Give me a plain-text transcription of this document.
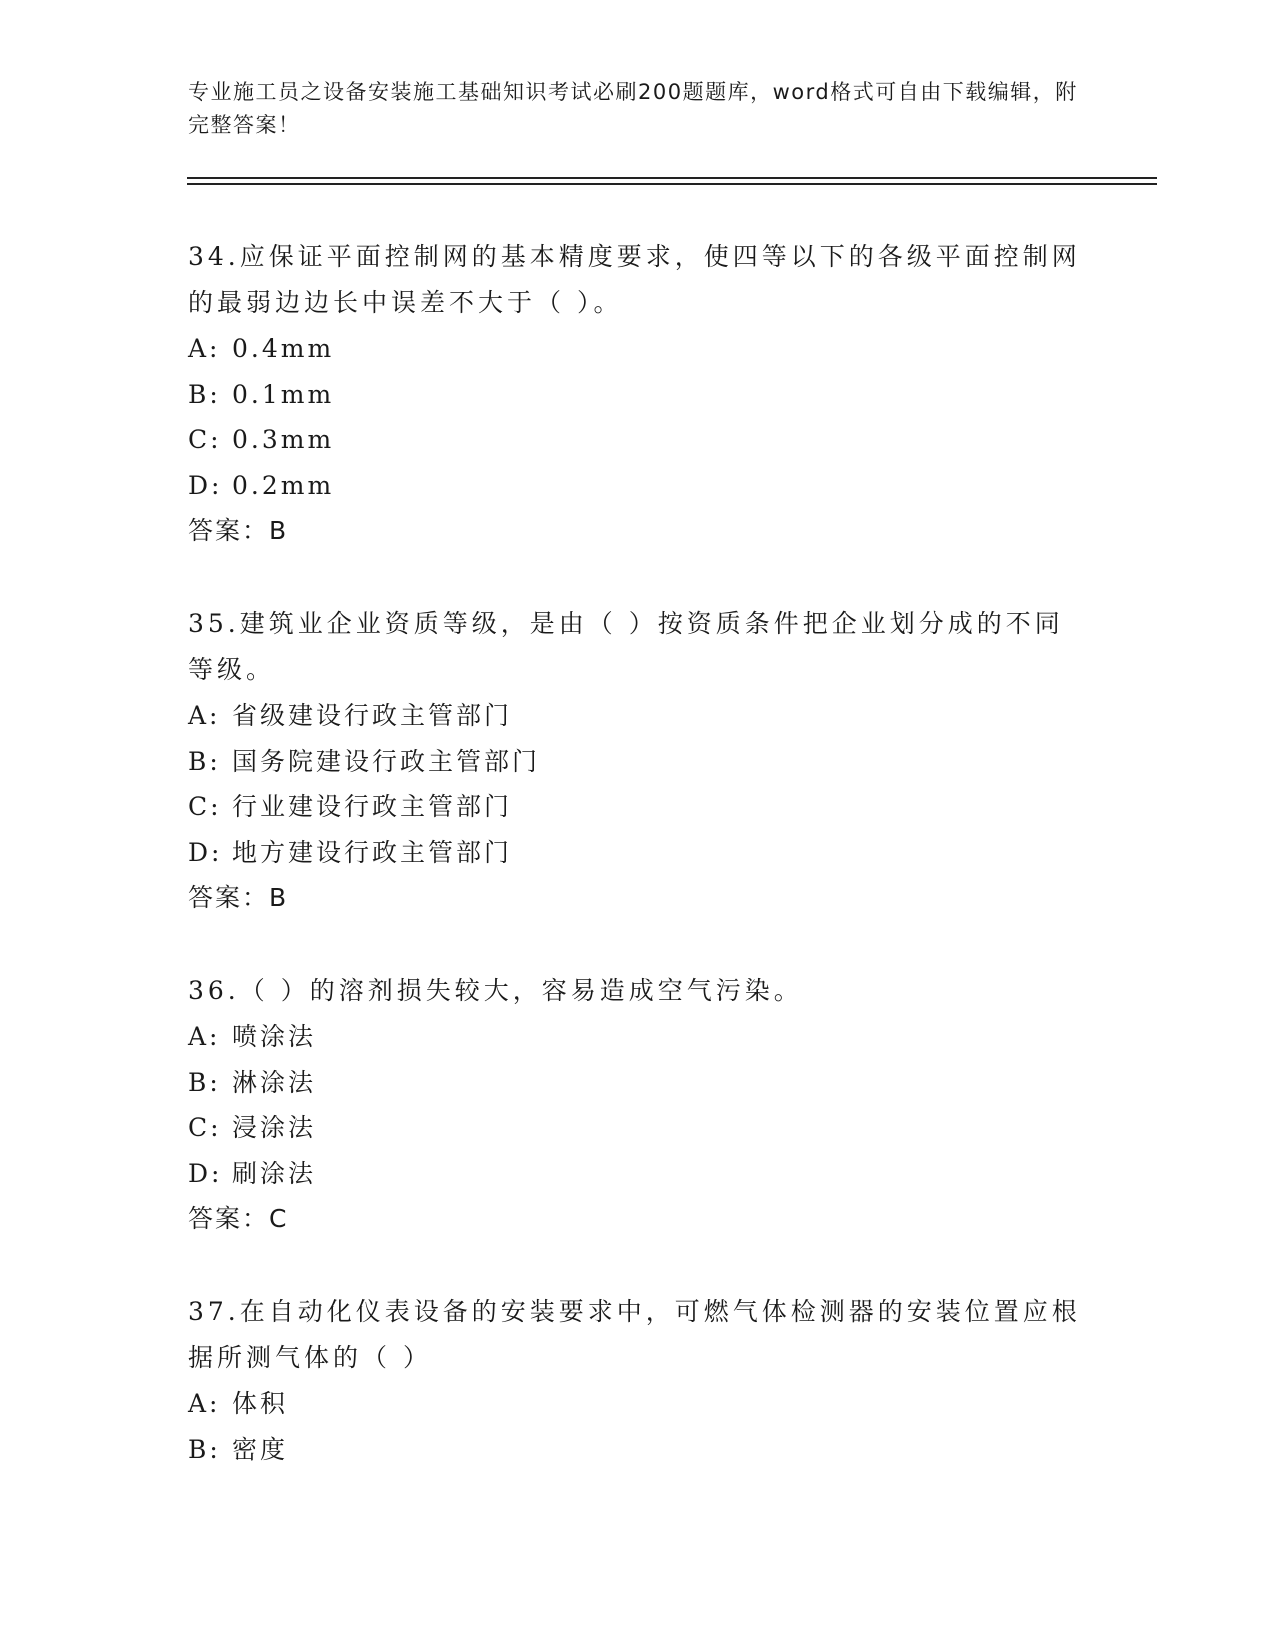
专业施工员之设备安装施工基础知识考试必刷200题题库，word格式可自由下载编辑，附完整答案！

34.应保证平面控制网的基本精度要求，使四等以下的各级平面控制网的最弱边边长中误差不大于（ ）。

A: 0.4mm

B: 0.1mm

C: 0.3mm

D: 0.2mm

答案：B

35.建筑业企业资质等级，是由（ ）按资质条件把企业划分成的不同等级。

A: 省级建设行政主管部门

B: 国务院建设行政主管部门

C: 行业建设行政主管部门

D: 地方建设行政主管部门

答案：B

36.（ ）的溶剂损失较大，容易造成空气污染。

A: 喷涂法

B: 淋涂法

C: 浸涂法

D: 刷涂法

答案：C

37.在自动化仪表设备的安装要求中，可燃气体检测器的安装位置应根据所测气体的（ ）

A: 体积

B: 密度
